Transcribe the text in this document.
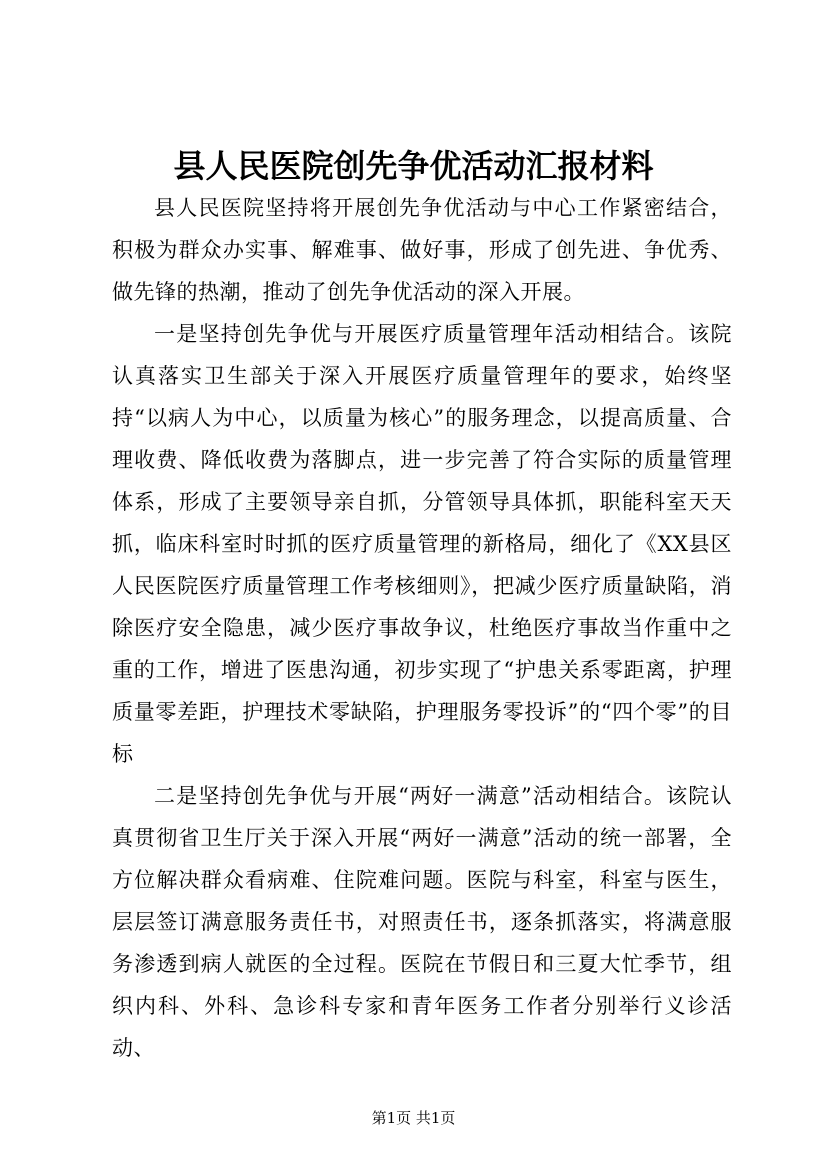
县人民医院创先争优活动汇报材料

县人民医院坚持将开展创先争优活动与中心工作紧密结合，积极为群众办实事、解难事、做好事，形成了创先进、争优秀、做先锋的热潮，推动了创先争优活动的深入开展。

一是坚持创先争优与开展医疗质量管理年活动相结合。该院认真落实卫生部关于深入开展医疗质量管理年的要求，始终坚持“以病人为中心，以质量为核心”的服务理念，以提高质量、合理收费、降低收费为落脚点，进一步完善了符合实际的质量管理体系，形成了主要领导亲自抓，分管领导具体抓，职能科室天天抓，临床科室时时抓的医疗质量管理的新格局，细化了《XX县区人民医院医疗质量管理工作考核细则》，把减少医疗质量缺陷，消除医疗安全隐患，减少医疗事故争议，杜绝医疗事故当作重中之重的工作，增进了医患沟通，初步实现了“护患关系零距离，护理质量零差距，护理技术零缺陷，护理服务零投诉”的“四个零”的目标

二是坚持创先争优与开展“两好一满意”活动相结合。该院认真贯彻省卫生厅关于深入开展“两好一满意”活动的统一部署，全方位解决群众看病难、住院难问题。医院与科室，科室与医生，层层签订满意服务责任书，对照责任书，逐条抓落实，将满意服务渗透到病人就医的全过程。医院在节假日和三夏大忙季节，组织内科、外科、急诊科专家和青年医务工作者分别举行义诊活动、

第1页 共1页
